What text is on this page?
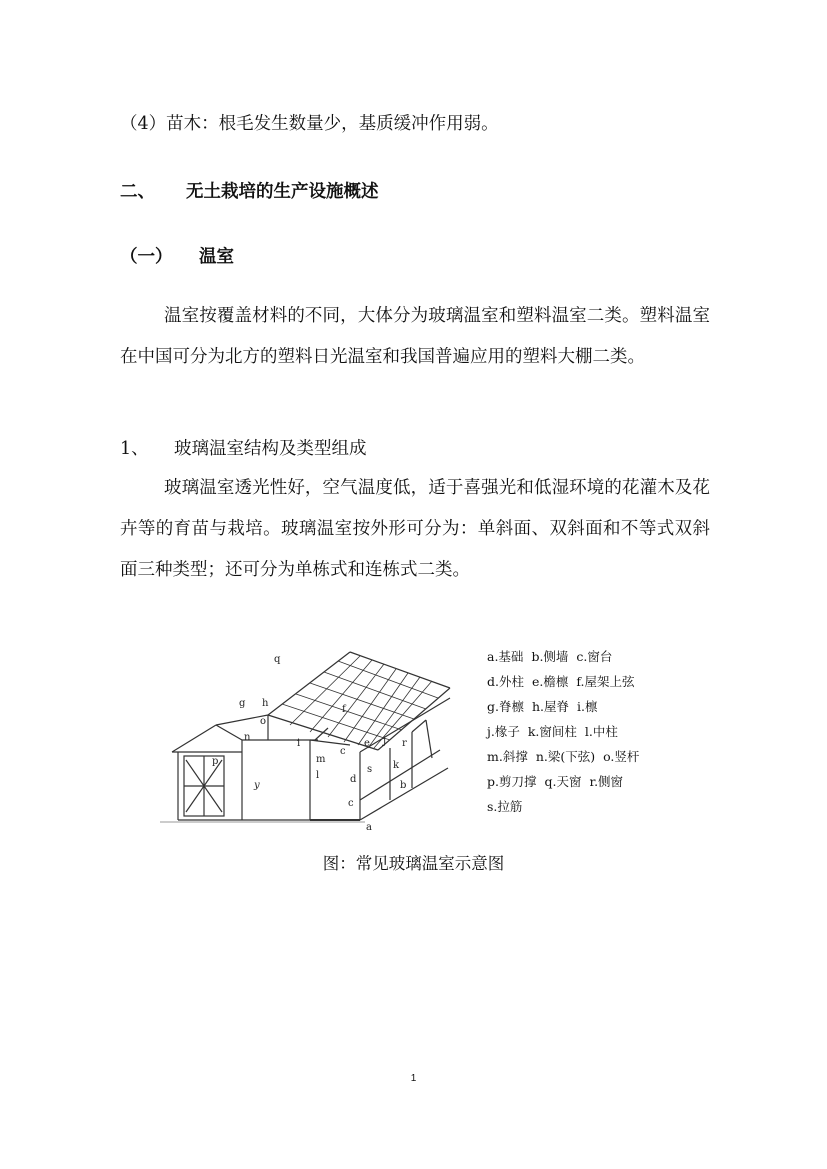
（4）苗木：根毛发生数量少，基质缓冲作用弱。
二、 无土栽培的生产设施概述
（一） 温室
温室按覆盖材料的不同，大体分为玻璃温室和塑料温室二类。塑料温室在中国可分为北方的塑料日光温室和我国普遍应用的塑料大棚二类。
1、 玻璃温室结构及类型组成
玻璃温室透光性好，空气温度低，适于喜强光和低湿环境的花灌木及花卉等的育苗与栽培。玻璃温室按外形可分为：单斜面、双斜面和不等式双斜面三种类型；还可分为单栋式和连栋式二类。
q
g h
o
f
n
i
m
l
c
e j
k
r
s
d
b
p
y
c
a
a.基础 b.侧墙 c.窗台
d.外柱 e.檐檩 f.屋架上弦
g.脊檩 h.屋脊 i.檩
j.椽子 k.窗间柱 l.中柱
m.斜撑 n.梁(下弦) o.竖杆
p.剪刀撑 q.天窗 r.侧窗
s.拉筋
图：常见玻璃温室示意图
1
